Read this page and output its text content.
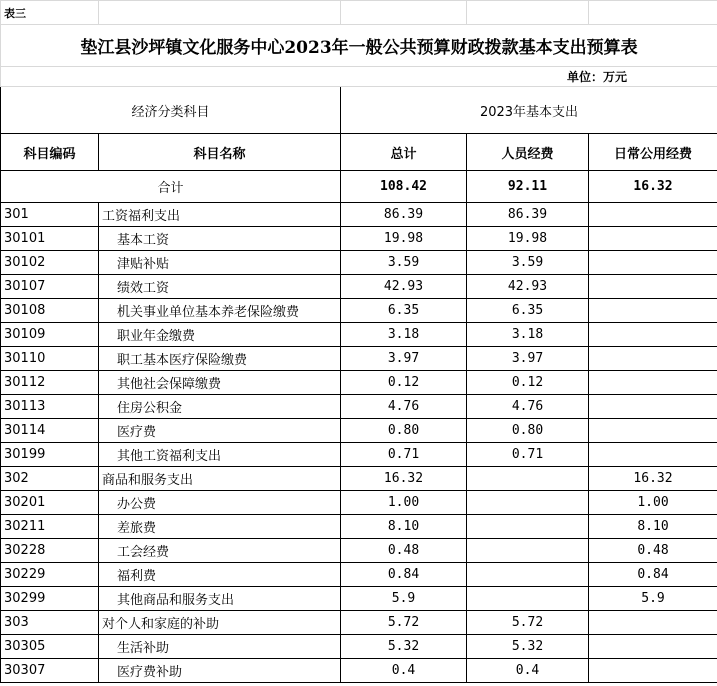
表三				
垫江县沙坪镇文化服务中心2023年一般公共预算财政拨款基本支出预算表				
单位：万元				
经济分类科目		2023年基本支出		
科目编码	科目名称	总计	人员经费	日常公用经费
合计		108.42	92.11	16.32
301	工资福利支出	86.39	86.39	
30101	基本工资	19.98	19.98	
30102	津贴补贴	3.59	3.59	
30107	绩效工资	42.93	42.93	
30108	机关事业单位基本养老保险缴费	6.35	6.35	
30109	职业年金缴费	3.18	3.18	
30110	职工基本医疗保险缴费	3.97	3.97	
30112	其他社会保障缴费	0.12	0.12	
30113	住房公积金	4.76	4.76	
30114	医疗费	0.80	0.80	
30199	其他工资福利支出	0.71	0.71	
302	商品和服务支出	16.32		16.32
30201	办公费	1.00		1.00
30211	差旅费	8.10		8.10
30228	工会经费	0.48		0.48
30229	福利费	0.84		0.84
30299	其他商品和服务支出	5.9		5.9
303	对个人和家庭的补助	5.72	5.72	
30305	生活补助	5.32	5.32	
30307	医疗费补助	0.4	0.4	
